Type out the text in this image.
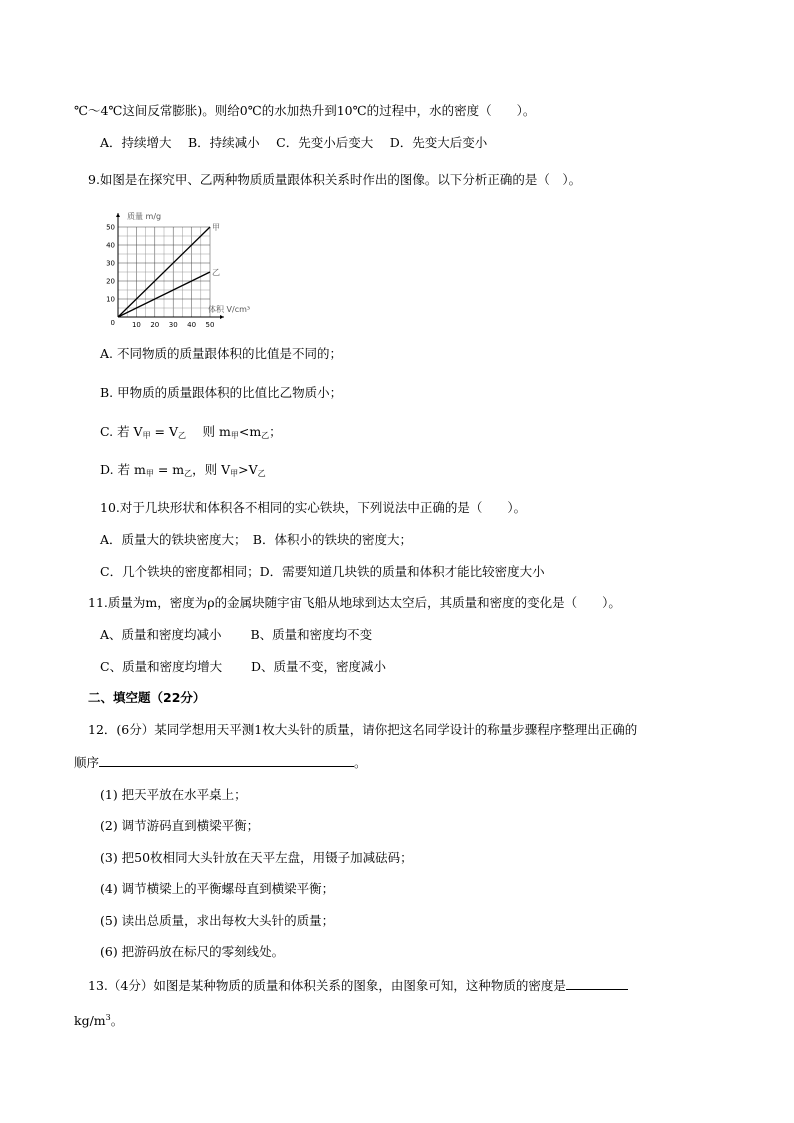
℃～4℃这间反常膨胀)。则给0℃的水加热升到10℃的过程中，水的密度（　　）。
A．持续增大　 B．持续减小　 C．先变小后变大　 D．先变大后变小
9.如图是在探究甲、乙两种物质质量跟体积关系时作出的图像。以下分析正确的是（　）。
10 20 30 40 50
10
20
30
40
50
0
质量 m/g
体积 V/cm³
甲
乙
A. 不同物质的质量跟体积的比值是不同的；
B. 甲物质的质量跟体积的比值比乙物质小；
C. 若 $V_甲 = V_乙$　 则 $m_甲<m_乙$；
D. 若 $m_甲 = m_乙$，则 $V_甲>V_乙$
10.对于几块形状和体积各不相同的实心铁块，下列说法中正确的是（　　）。
A．质量大的铁块密度大；　B．体积小的铁块的密度大；
C．几个铁块的密度都相同；D．需要知道几块铁的质量和体积才能比较密度大小
11.质量为m，密度为ρ的金属块随宇宙飞船从地球到达太空后，其质量和密度的变化是（　　）。
A、质量和密度均减小　　 B、质量和密度均不变
C、质量和密度均增大　　 D、质量不变，密度减小
二、填空题（22分）
12．(6分）某同学想用天平测1枚大头针的质量，请你把这名同学设计的称量步骤程序整理出正确的
顺序	。
(1) 把天平放在水平桌上；
(2) 调节游码直到横梁平衡；
(3) 把50枚相同大头针放在天平左盘，用镊子加减砝码；
(4) 调节横梁上的平衡螺母直到横梁平衡；
(5) 读出总质量，求出每枚大头针的质量；
(6) 把游码放在标尺的零刻线处。
13.（4分）如图是某种物质的质量和体积关系的图象，由图象可知，这种物质的密度是
$kg/m^3$。
